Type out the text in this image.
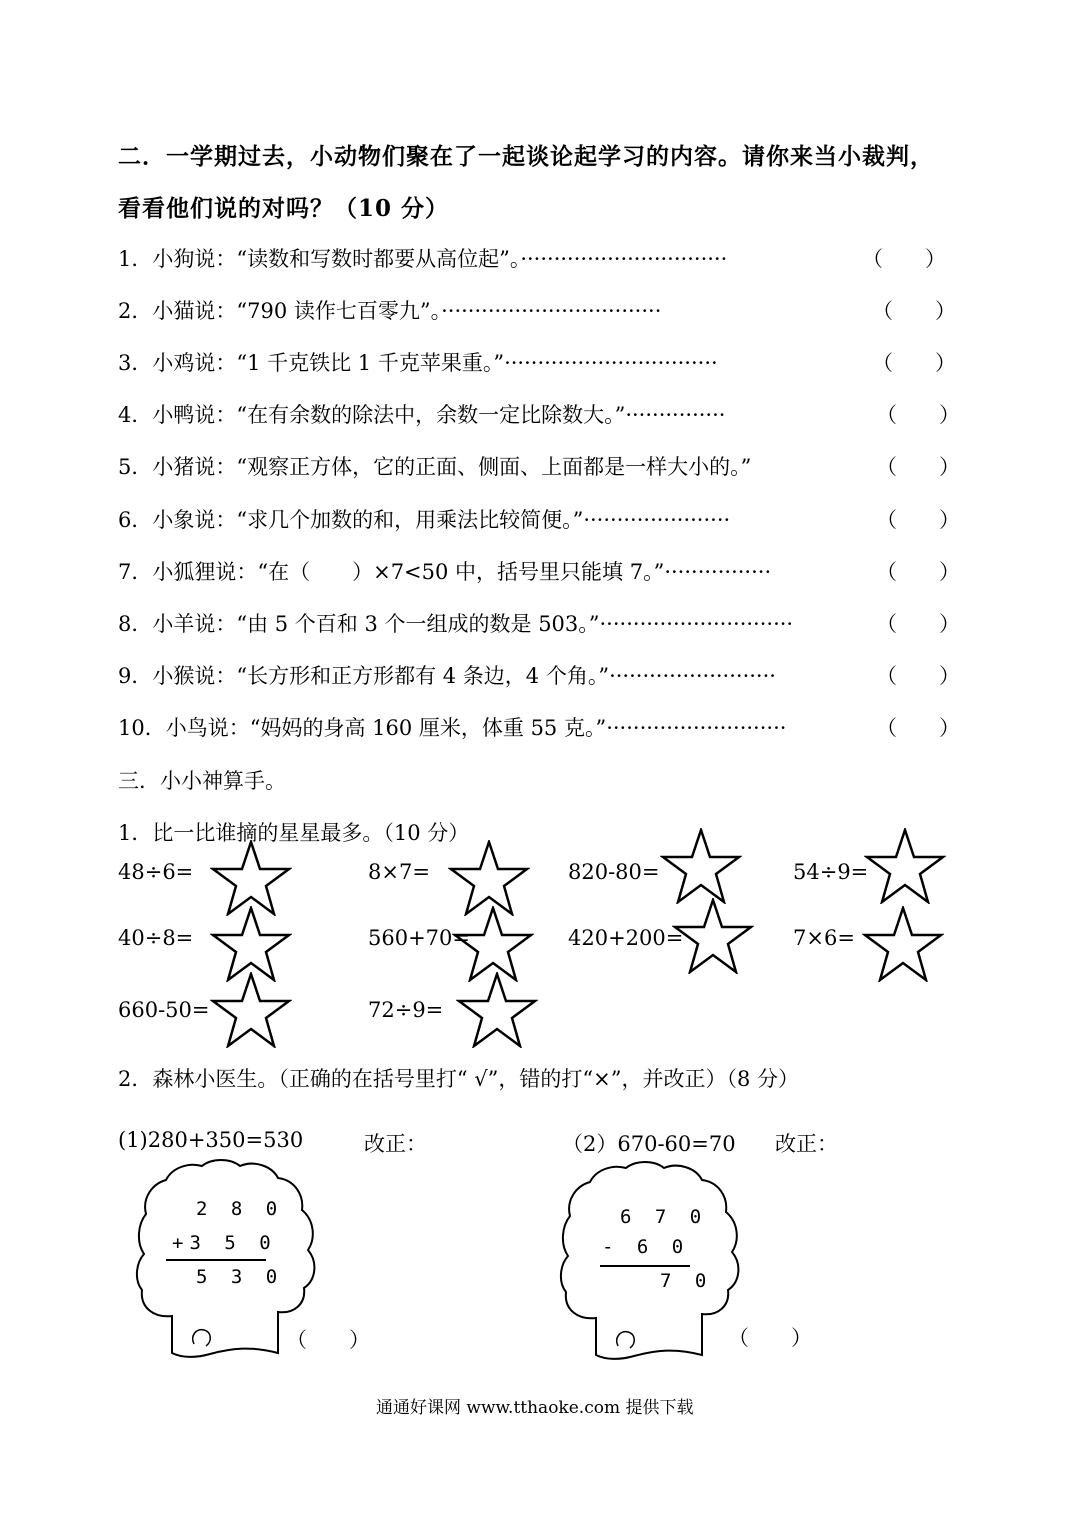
二．一学期过去，小动物们聚在了一起谈论起学习的内容。请你来当小裁判，
看看他们说的对吗？（10 分）
1．小狗说：“读数和写数时都要从高位起”。·······························	（　　）
2．小猫说：“790 读作七百零九”。·································	（　　）
3．小鸡说：“1 千克铁比 1 千克苹果重。”································	（　　）
4．小鸭说：“在有余数的除法中，余数一定比除数大。”···············	（　　）
5．小猪说：“观察正方体，它的正面、侧面、上面都是一样大小的。”	（　　）
6．小象说：“求几个加数的和，用乘法比较简便。”······················	（　　）
7．小狐狸说：“在（　　）×7<50 中，括号里只能填 7。”················	（　　）
8．小羊说：“由 5 个百和 3 个一组成的数是 503。”·····························	（　　）
9．小猴说：“长方形和正方形都有 4 条边，4 个角。”·························	（　　）
10．小鸟说：“妈妈的身高 160 厘米，体重 55 克。”···························	（　　）
三．小小神算手。
1．比一比谁摘的星星最多。（10 分）
48÷6=	8×7=	820-80=	54÷9=
40÷8=	560+70=	420+200=	7×6=
660-50=	72÷9=
2．森林小医生。（正确的在括号里打“ √”，错的打“×”，并改正）（8 分）
(1)280+350=530	改正：	（2）670-60=70 改正：
2 8 0
+3 5 0
5 3 0
（　　）
6 7 0
- 6 0
7 0
（　　）
通通好课网 www.tthaoke.com 提供下载
